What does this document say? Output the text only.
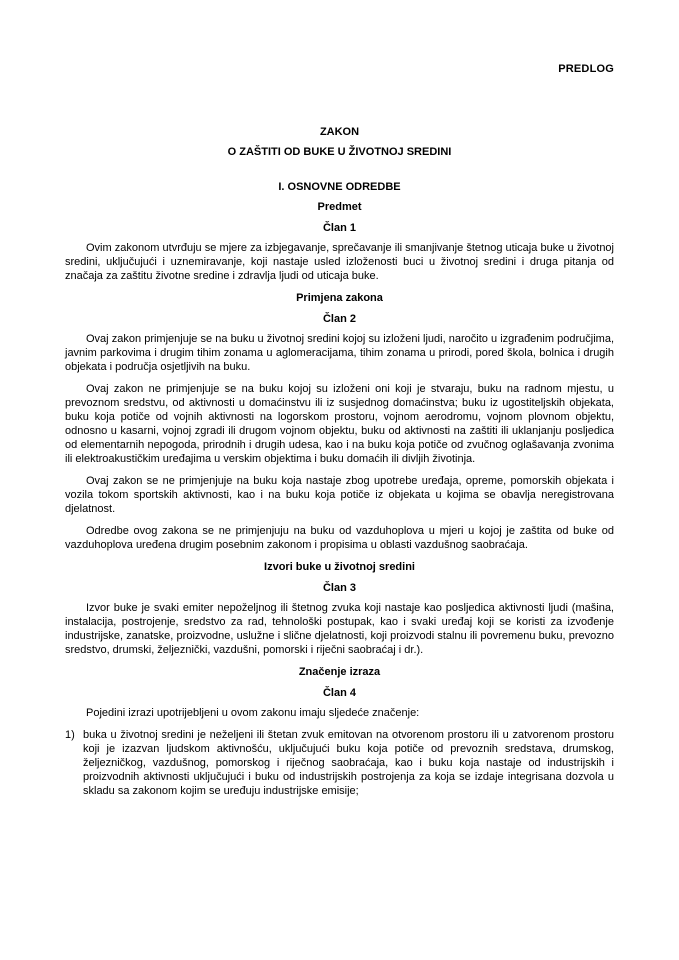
PREDLOG

ZAKON

O ZAŠTITI OD BUKE U ŽIVOTNOJ SREDINI

I. OSNOVNE ODREDBE

Predmet

Član 1

Ovim zakonom utvrđuju se mjere za izbjegavanje, sprečavanje ili smanjivanje štetnog uticaja buke u životnoj sredini, uključujući i uznemiravanje, koji nastaje usled izloženosti buci u životnoj sredini i druga pitanja od značaja za zaštitu životne sredine i zdravlja ljudi od uticaja buke.

Primjena zakona

Član 2

Ovaj zakon primjenjuje se na buku u životnoj sredini kojoj su izloženi ljudi, naročito u izgrađenim područjima, javnim parkovima i drugim tihim zonama u aglomeracijama, tihim zonama u prirodi, pored škola, bolnica i drugih objekata i područja osjetljivih na buku.

Ovaj zakon ne primjenjuje se na buku kojoj su izloženi oni koji je stvaraju, buku na radnom mjestu, u prevoznom sredstvu, od aktivnosti u domaćinstvu ili iz susjednog domaćinstva; buku iz ugostiteljskih objekata, buku koja potiče od vojnih aktivnosti na logorskom prostoru, vojnom aerodromu, vojnom plovnom objektu, odnosno u kasarni, vojnoj zgradi ili drugom vojnom objektu, buku od aktivnosti na zaštiti ili uklanjanju posljedica od elementarnih nepogoda, prirodnih i drugih udesa, kao i na buku koja potiče od zvučnog oglašavanja zvonima ili elektroakustičkim uređajima u verskim objektima i buku domaćih ili divljih životinja.

Ovaj zakon se ne primjenjuje na buku koja nastaje zbog upotrebe uređaja, opreme, pomorskih objekata i vozila tokom sportskih aktivnosti, kao i na buku koja potiče iz objekata u kojima se obavlja neregistrovana djelatnost.

Odredbe ovog zakona se ne primjenjuju na buku od vazduhoplova u mjeri u kojoj je zaštita od buke od vazduhoplova uređena drugim posebnim zakonom i propisima u oblasti vazdušnog saobraćaja.

Izvori buke u životnoj sredini

Član 3

Izvor buke je svaki emiter nepoželjnog ili štetnog zvuka koji nastaje kao posljedica aktivnosti ljudi (mašina, instalacija, postrojenje, sredstvo za rad, tehnološki postupak, kao i svaki uređaj koji se koristi za izvođenje industrijske, zanatske, proizvodne, uslužne i slične djelatnosti, koji proizvodi stalnu ili povremenu buku, prevozno sredstvo, drumski, željeznički, vazdušni, pomorski i riječni saobraćaj i dr.).

Značenje izraza

Član 4

Pojedini izrazi upotrijebljeni u ovom zakonu imaju sljedeće značenje:

1) buka u životnoj sredini je neželjeni ili štetan zvuk emitovan na otvorenom prostoru ili u zatvorenom prostoru koji je izazvan ljudskom aktivnošću, uključujući buku koja potiče od prevoznih sredstava, drumskog, željezničkog, vazdušnog, pomorskog i riječnog saobraćaja, kao i buku koja nastaje od industrijskih i proizvodnih aktivnosti uključujući i buku od industrijskih postrojenja za koja se izdaje integrisana dozvola u skladu sa zakonom kojim se uređuju industrijske emisije;
